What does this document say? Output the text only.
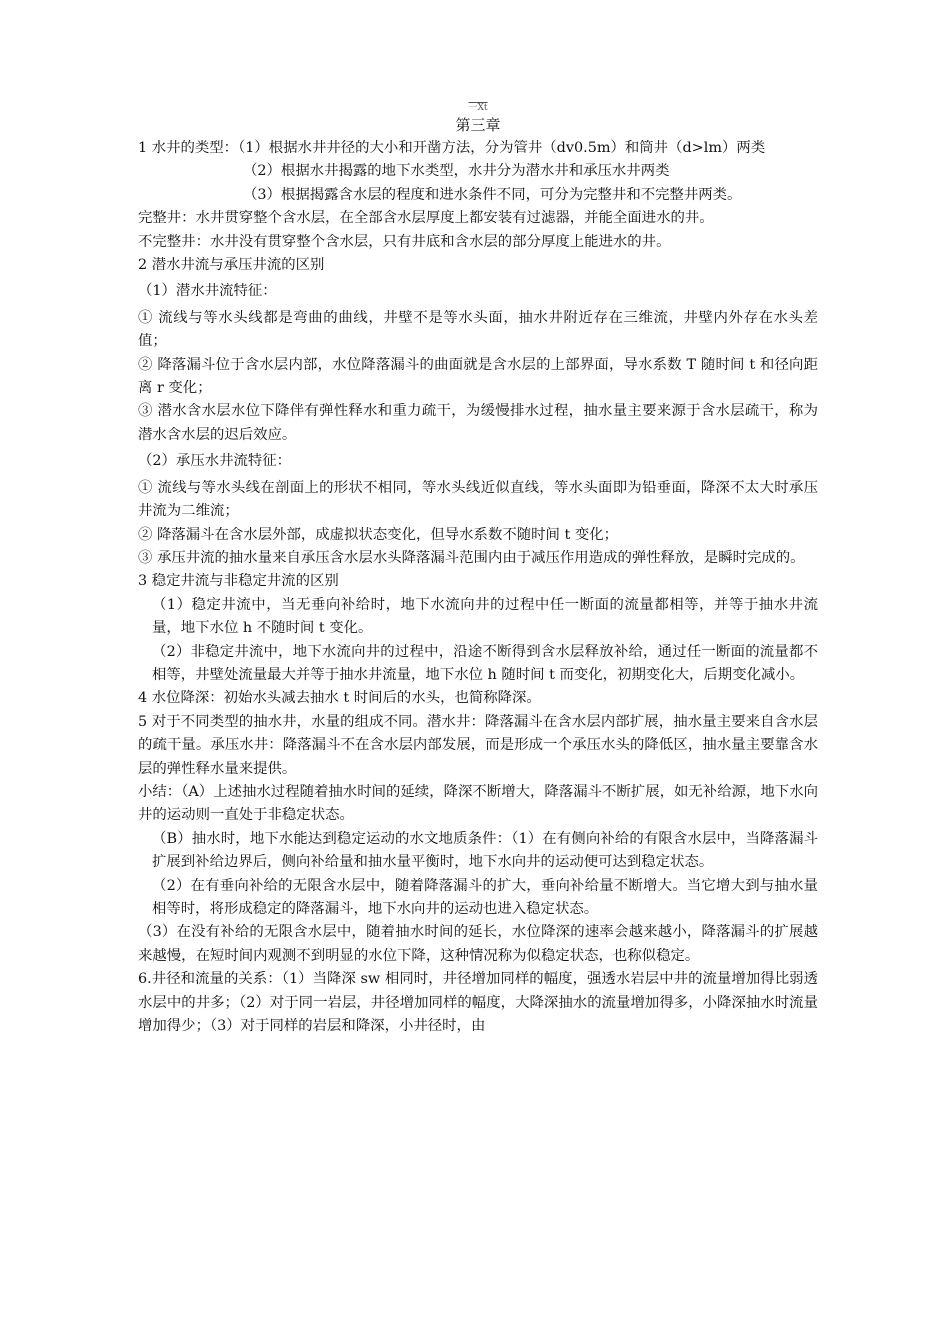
一Xt
第三章

1 水井的类型：（1）根据水井井径的大小和开凿方法，分为管井（dv0.5m）和筒井（d>lm）两类

（2）根据水井揭露的地下水类型，水井分为潜水井和承压水井两类

（3）根据揭露含水层的程度和进水条件不同，可分为完整井和不完整井两类。

完整井：水井贯穿整个含水层，在全部含水层厚度上都安装有过滤器，并能全面进水的井。

不完整井：水井没有贯穿整个含水层，只有井底和含水层的部分厚度上能进水的井。

2 潜水井流与承压井流的区别

（1）潜水井流特征：

① 流线与等水头线都是弯曲的曲线，井壁不是等水头面，抽水井附近存在三维流，井壁内外存在水头差值；

② 降落漏斗位于含水层内部，水位降落漏斗的曲面就是含水层的上部界面，导水系数 T 随时间 t 和径向距离 r 变化；

③ 潜水含水层水位下降伴有弹性释水和重力疏干，为缓慢排水过程，抽水量主要来源于含水层疏干，称为潜水含水层的迟后效应。

（2）承压水井流特征：

① 流线与等水头线在剖面上的形状不相同，等水头线近似直线，等水头面即为铅垂面，降深不太大时承压井流为二维流；

② 降落漏斗在含水层外部，成虚拟状态变化，但导水系数不随时间 t 变化；

③ 承压井流的抽水量来自承压含水层水头降落漏斗范围内由于减压作用造成的弹性释放，是瞬时完成的。

3 稳定井流与非稳定井流的区别

（1）稳定井流中，当无垂向补给时，地下水流向井的过程中任一断面的流量都相等，并等于抽水井流量，地下水位 h 不随时间 t 变化。

（2）非稳定井流中，地下水流向井的过程中，沿途不断得到含水层释放补给，通过任一断面的流量都不相等，井壁处流量最大并等于抽水井流量，地下水位 h 随时间 t 而变化，初期变化大，后期变化减小。

4 水位降深：初始水头减去抽水 t 时间后的水头，也简称降深。

5 对于不同类型的抽水井，水量的组成不同。潜水井：降落漏斗在含水层内部扩展，抽水量主要来自含水层的疏干量。承压水井：降落漏斗不在含水层内部发展，而是形成一个承压水头的降低区，抽水量主要靠含水层的弹性释水量来提供。

小结：（A）上述抽水过程随着抽水时间的延续，降深不断增大，降落漏斗不断扩展，如无补给源，地下水向井的运动则一直处于非稳定状态。

（B）抽水时，地下水能达到稳定运动的水文地质条件：（1）在有侧向补给的有限含水层中，当降落漏斗扩展到补给边界后，侧向补给量和抽水量平衡时，地下水向井的运动便可达到稳定状态。

（2）在有垂向补给的无限含水层中，随着降落漏斗的扩大，垂向补给量不断增大。当它增大到与抽水量相等时，将形成稳定的降落漏斗，地下水向井的运动也进入稳定状态。

（3）在没有补给的无限含水层中，随着抽水时间的延长，水位降深的速率会越来越小，降落漏斗的扩展越来越慢，在短时间内观测不到明显的水位下降，这种情况称为似稳定状态，也称似稳定。

6.井径和流量的关系：（1）当降深 sw 相同时，井径增加同样的幅度，强透水岩层中井的流量增加得比弱透水层中的井多；（2）对于同一岩层，井径增加同样的幅度，大降深抽水的流量增加得多，小降深抽水时流量增加得少；（3）对于同样的岩层和降深，小井径时，由
